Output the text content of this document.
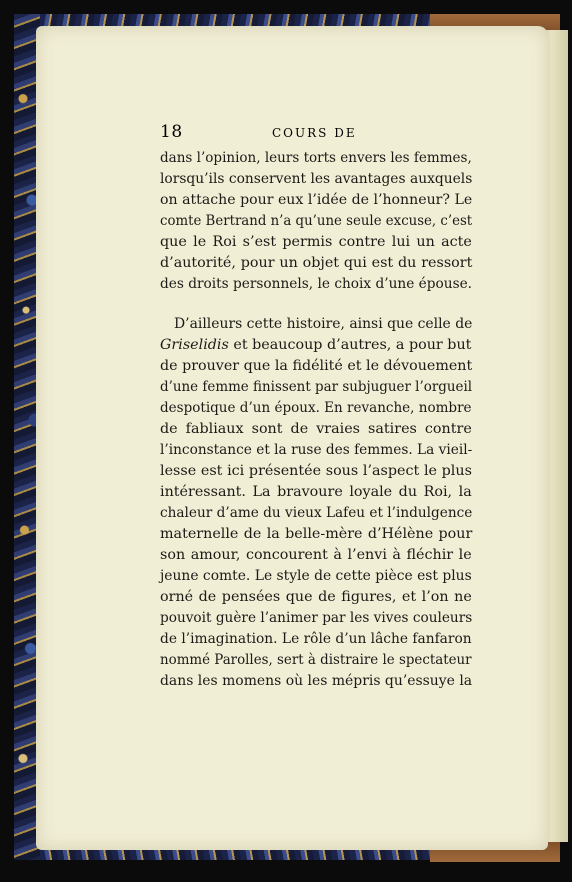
18	COURS DE
dans l’opinion, leurs torts envers les femmes,
lorsqu’ils conservent les avantages auxquels
on attache pour eux l’idée de l’honneur? Le
comte Bertrand n’a qu’une seule excuse, c’est
que le Roi s’est permis contre lui un acte
d’autorité, pour un objet qui est du ressort
des droits personnels, le choix d’une épouse.
D’ailleurs cette histoire, ainsi que celle de
Griselidis et beaucoup d’autres, a pour but
de prouver que la fidélité et le dévouement
d’une femme finissent par subjuguer l’orgueil
despotique d’un époux. En revanche, nombre
de fabliaux sont de vraies satires contre
l’inconstance et la ruse des femmes. La vieil-
lesse est ici présentée sous l’aspect le plus
intéressant. La bravoure loyale du Roi, la
chaleur d’ame du vieux Lafeu et l’indulgence
maternelle de la belle-mère d’Hélène pour
son amour, concourent à l’envi à fléchir le
jeune comte. Le style de cette pièce est plus
orné de pensées que de figures, et l’on ne
pouvoit guère l’animer par les vives couleurs
de l’imagination. Le rôle d’un lâche fanfaron
nommé Parolles, sert à distraire le spectateur
dans les momens où les mépris qu’essuye la
